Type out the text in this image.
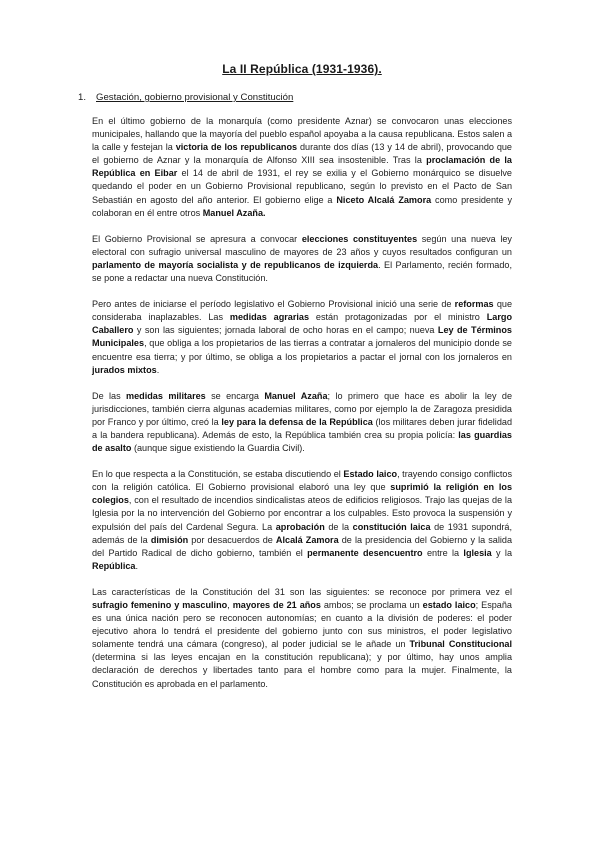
La II República (1931-1936).
1.	Gestación, gobierno provisional y Constitución

En el último gobierno de la monarquía (como presidente Aznar) se convocaron unas elecciones municipales, hallando que la mayoría del pueblo español apoyaba a la causa republicana. Estos salen a la calle y festejan la victoria de los republicanos durante dos días (13 y 14 de abril), provocando que el gobierno de Aznar y la monarquía de Alfonso XIII sea insostenible. Tras la proclamación de la República en Eibar el 14 de abril de 1931, el rey se exilia y el Gobierno monárquico se disuelve quedando el poder en un Gobierno Provisional republicano, según lo previsto en el Pacto de San Sebastián en agosto del año anterior. El gobierno elige a Niceto Alcalá Zamora como presidente y colaboran en él entre otros Manuel Azaña.

El Gobierno Provisional se apresura a convocar elecciones constituyentes según una nueva ley electoral con sufragio universal masculino de mayores de 23 años y cuyos resultados configuran un parlamento de mayoría socialista y de republicanos de izquierda. El Parlamento, recién formado, se pone a redactar una nueva Constitución.

Pero antes de iniciarse el período legislativo el Gobierno Provisional inició una serie de reformas que consideraba inaplazables. Las medidas agrarias están protagonizadas por el ministro Largo Caballero y son las siguientes; jornada laboral de ocho horas en el campo; nueva Ley de Términos Municipales, que obliga a los propietarios de las tierras a contratar a jornaleros del municipio donde se encuentre esa tierra; y por último, se obliga a los propietarios a pactar el jornal con los jornaleros en jurados mixtos.

De las medidas militares se encarga Manuel Azaña; lo primero que hace es abolir la ley de jurisdicciones, también cierra algunas academias militares, como por ejemplo la de Zaragoza presidida por Franco y por último, creó la ley para la defensa de la República (los militares deben jurar fidelidad a la bandera republicana). Además de esto, la República también crea su propia policía: las guardias de asalto (aunque sigue existiendo la Guardia Civil).

En lo que respecta a la Constitución, se estaba discutiendo el Estado laico, trayendo consigo conflictos con la religión católica. El Gobierno provisional elaboró una ley que suprimió la religión en los colegios, con el resultado de incendios sindicalistas ateos de edificios religiosos. Trajo las quejas de la Iglesia por la no intervención del Gobierno por encontrar a los culpables. Esto provoca la suspensión y expulsión del país del Cardenal Segura. La aprobación de la constitución laica de 1931 supondrá, además de la dimisión por desacuerdos de Alcalá Zamora de la presidencia del Gobierno y la salida del Partido Radical de dicho gobierno, también el permanente desencuentro entre la Iglesia y la República.

Las características de la Constitución del 31 son las siguientes: se reconoce por primera vez el sufragio femenino y masculino, mayores de 21 años ambos; se proclama un estado laico; España es una única nación pero se reconocen autonomías; en cuanto a la división de poderes: el poder ejecutivo ahora lo tendrá el presidente del gobierno junto con sus ministros, el poder legislativo solamente tendrá una cámara (congreso), al poder judicial se le añade un Tribunal Constitucional (determina si las leyes encajan en la constitución republicana); y por último, hay unos amplia declaración de derechos y libertades tanto para el hombre como para la mujer. Finalmente, la Constitución es aprobada en el parlamento.
